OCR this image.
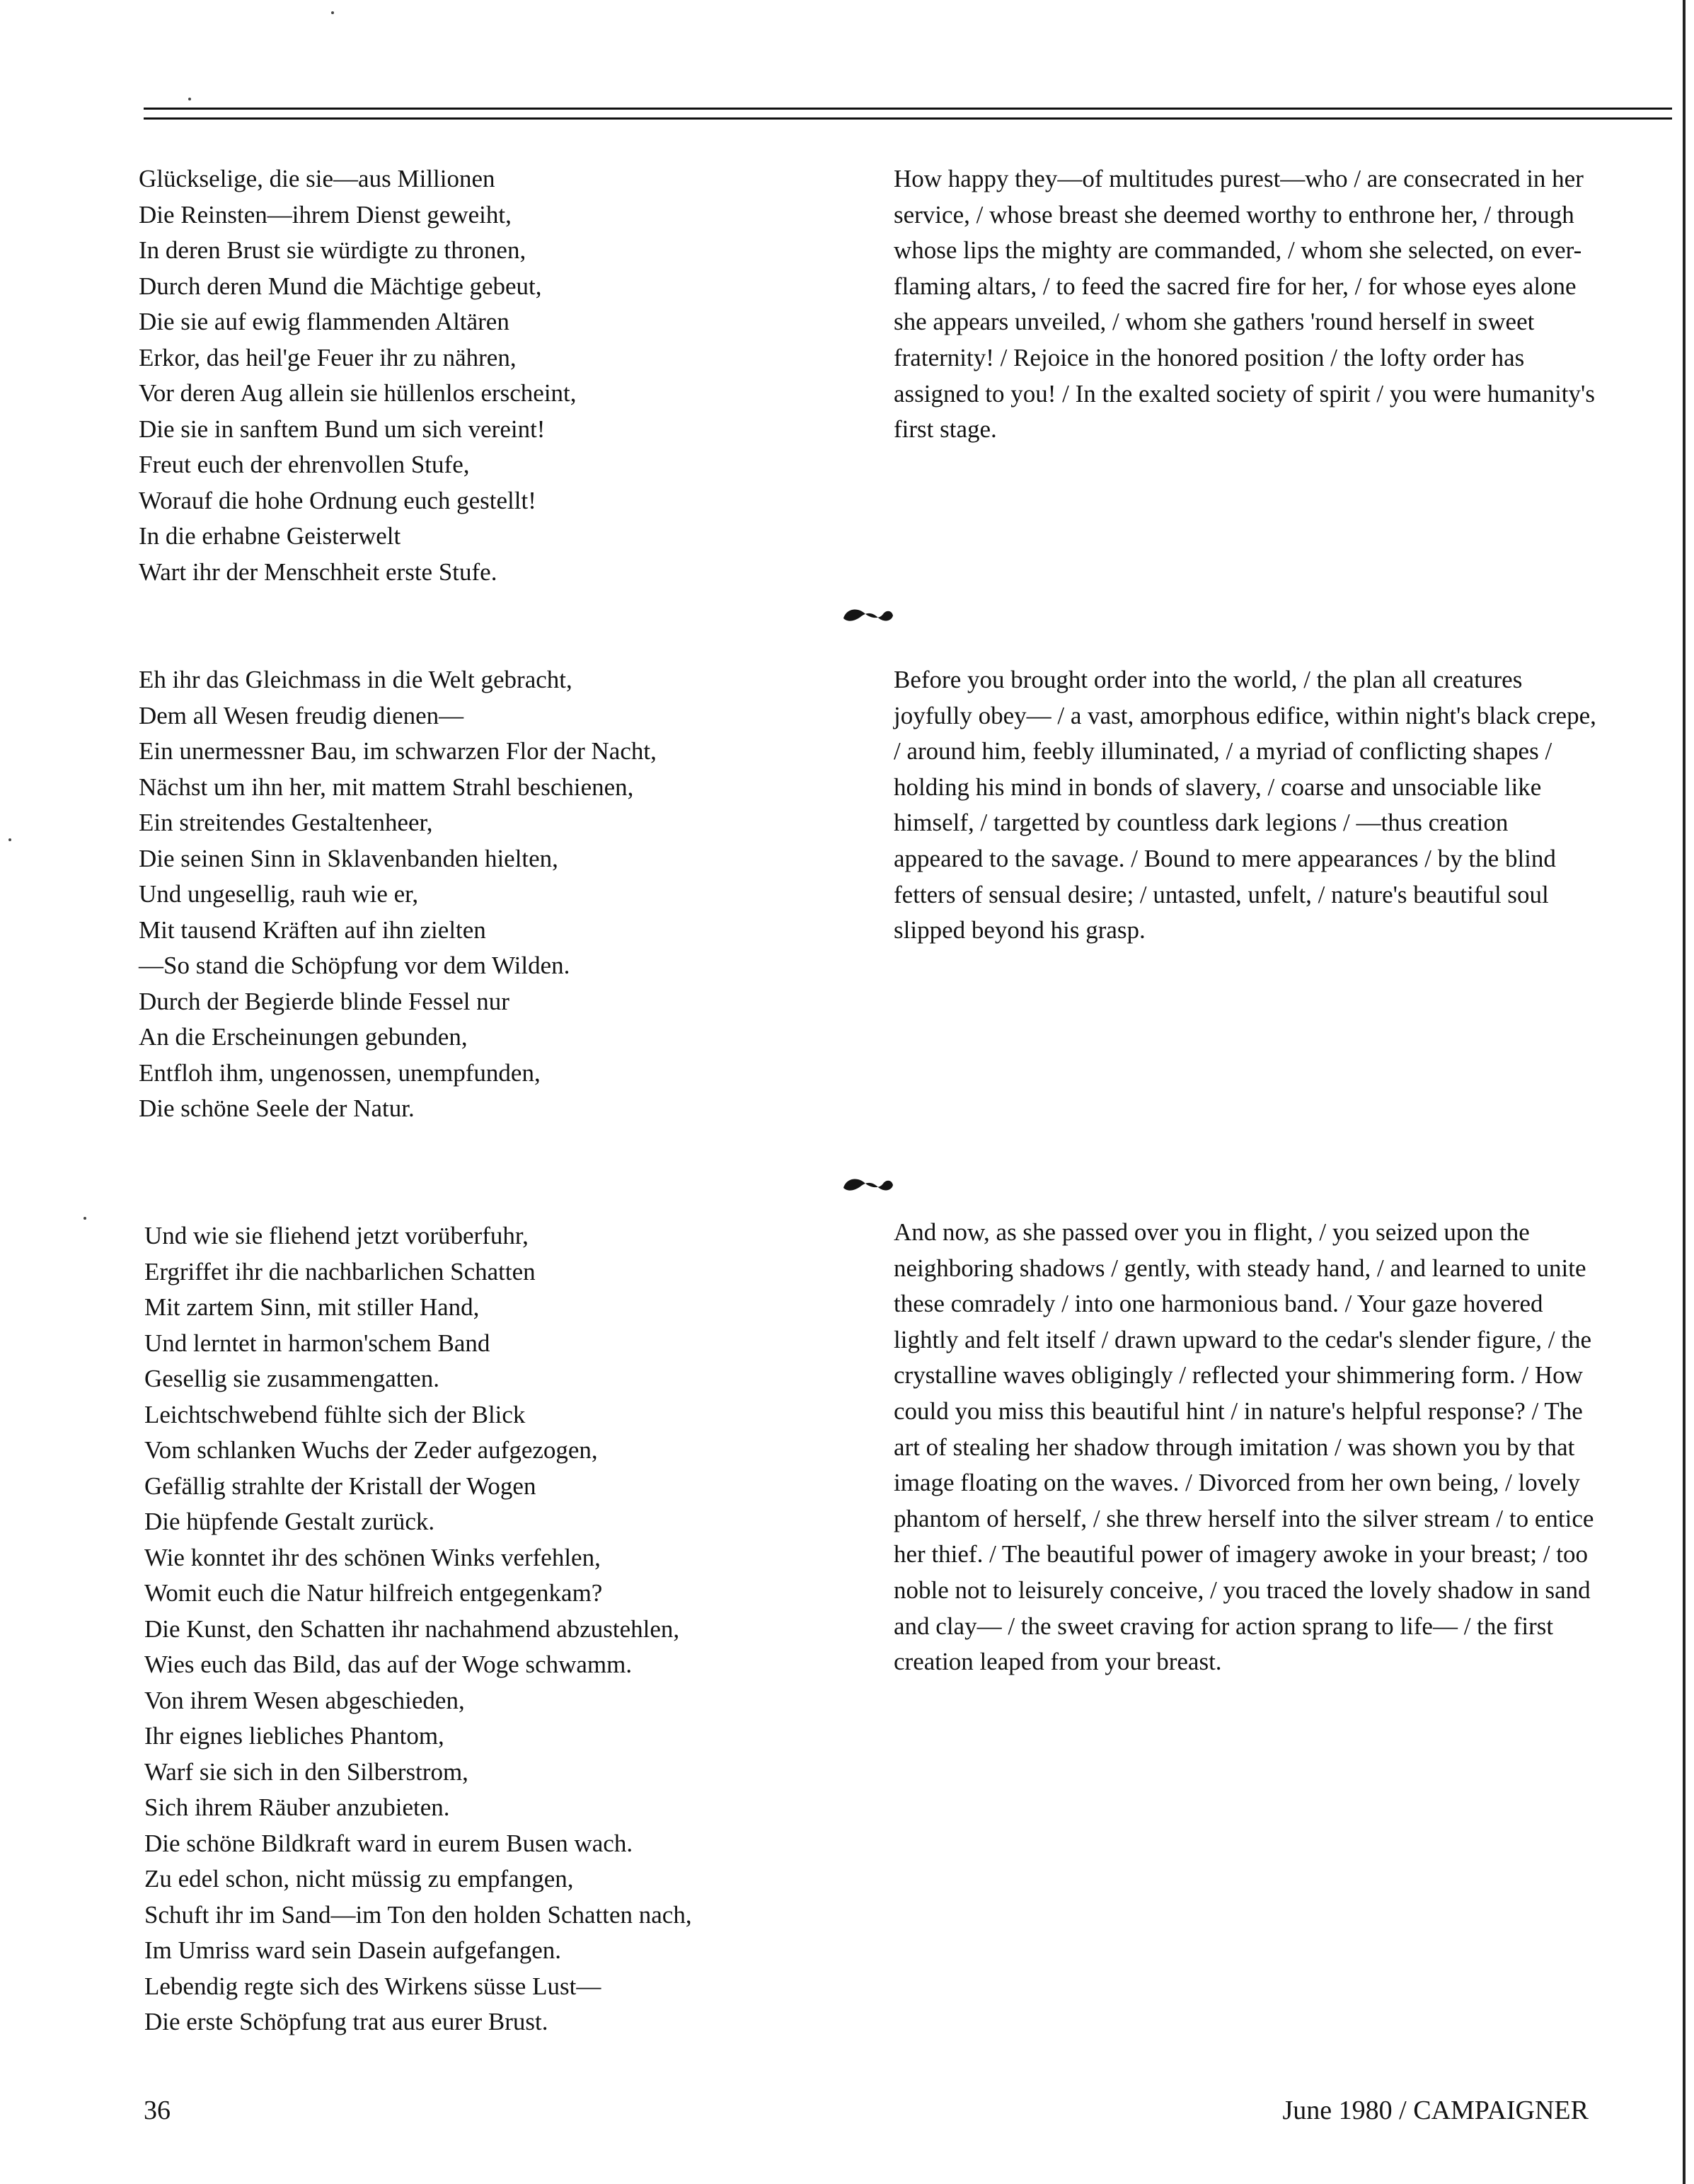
Glückselige, die sie—aus Millionen
Die Reinsten—ihrem Dienst geweiht,
In deren Brust sie würdigte zu thronen,
Durch deren Mund die Mächtige gebeut,
Die sie auf ewig flammenden Altären
Erkor, das heil'ge Feuer ihr zu nähren,
Vor deren Aug allein sie hüllenlos erscheint,
Die sie in sanftem Bund um sich vereint!
Freut euch der ehrenvollen Stufe,
Worauf die hohe Ordnung euch gestellt!
In die erhabne Geisterwelt
Wart ihr der Menschheit erste Stufe.

How happy they—of multitudes purest—who / are consecrated in her service, / whose breast she deemed worthy to enthrone her, / through whose lips the mighty are commanded, / whom she selected, on ever-flaming altars, / to feed the sacred fire for her, / for whose eyes alone she appears unveiled, / whom she gathers 'round herself in sweet fraternity! / Rejoice in the honored position / the lofty order has assigned to you! / In the exalted society of spirit / you were humanity's first stage.

Eh ihr das Gleichmass in die Welt gebracht,
Dem all Wesen freudig dienen—
Ein unermessner Bau, im schwarzen Flor der Nacht,
Nächst um ihn her, mit mattem Strahl beschienen,
Ein streitendes Gestaltenheer,
Die seinen Sinn in Sklavenbanden hielten,
Und ungesellig, rauh wie er,
Mit tausend Kräften auf ihn zielten
—So stand die Schöpfung vor dem Wilden.
Durch der Begierde blinde Fessel nur
An die Erscheinungen gebunden,
Entfloh ihm, ungenossen, unempfunden,
Die schöne Seele der Natur.

Before you brought order into the world, / the plan all creatures joyfully obey— / a vast, amorphous edifice, within night's black crepe, / around him, feebly illuminated, / a myriad of conflicting shapes / holding his mind in bonds of slavery, / coarse and unsociable like himself, / targetted by countless dark legions / —thus creation appeared to the savage. / Bound to mere appearances / by the blind fetters of sensual desire; / untasted, unfelt, / nature's beautiful soul slipped beyond his grasp.

Und wie sie fliehend jetzt vorüberfuhr,
Ergriffet ihr die nachbarlichen Schatten
Mit zartem Sinn, mit stiller Hand,
Und lerntet in harmon'schem Band
Gesellig sie zusammengatten.
Leichtschwebend fühlte sich der Blick
Vom schlanken Wuchs der Zeder aufgezogen,
Gefällig strahlte der Kristall der Wogen
Die hüpfende Gestalt zurück.
Wie konntet ihr des schönen Winks verfehlen,
Womit euch die Natur hilfreich entgegenkam?
Die Kunst, den Schatten ihr nachahmend abzustehlen,
Wies euch das Bild, das auf der Woge schwamm.
Von ihrem Wesen abgeschieden,
Ihr eignes liebliches Phantom,
Warf sie sich in den Silberstrom,
Sich ihrem Räuber anzubieten.
Die schöne Bildkraft ward in eurem Busen wach.
Zu edel schon, nicht müssig zu empfangen,
Schuft ihr im Sand—im Ton den holden Schatten nach,
Im Umriss ward sein Dasein aufgefangen.
Lebendig regte sich des Wirkens süsse Lust—
Die erste Schöpfung trat aus eurer Brust.

And now, as she passed over you in flight, / you seized upon the neighboring shadows / gently, with steady hand, / and learned to unite these comradely / into one harmonious band. / Your gaze hovered lightly and felt itself / drawn upward to the cedar's slender figure, / the crystalline waves obligingly / reflected your shimmering form. / How could you miss this beautiful hint / in nature's helpful response? / The art of stealing her shadow through imitation / was shown you by that image floating on the waves. / Divorced from her own being, / lovely phantom of herself, / she threw herself into the silver stream / to entice her thief. / The beautiful power of imagery awoke in your breast; / too noble not to leisurely conceive, / you traced the lovely shadow in sand and clay— / the sweet craving for action sprang to life— / the first creation leaped from your breast.

36	June 1980 / CAMPAIGNER
